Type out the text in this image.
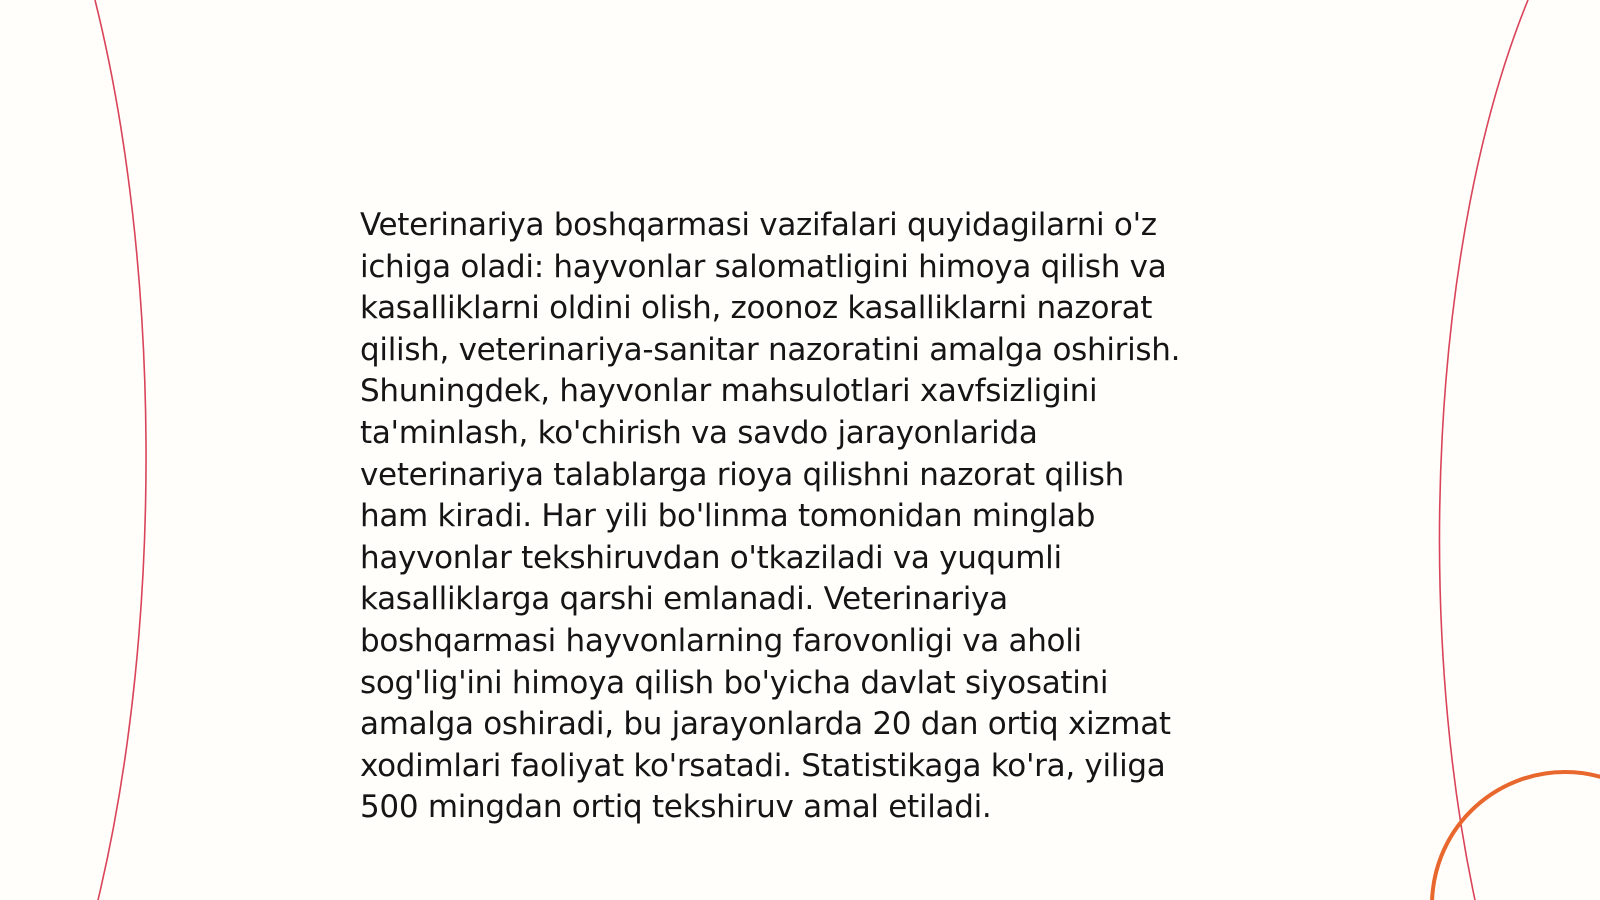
Veterinariya boshqarmasi vazifalari quyidagilarni o'z
ichiga oladi: hayvonlar salomatligini himoya qilish va
kasalliklarni oldini olish, zoonoz kasalliklarni nazorat
qilish, veterinariya-sanitar nazoratini amalga oshirish.
Shuningdek, hayvonlar mahsulotlari xavfsizligini
ta'minlash, ko'chirish va savdo jarayonlarida
veterinariya talablarga rioya qilishni nazorat qilish
ham kiradi. Har yili bo'linma tomonidan minglab
hayvonlar tekshiruvdan o'tkaziladi va yuqumli
kasalliklarga qarshi emlanadi. Veterinariya
boshqarmasi hayvonlarning farovonligi va aholi
sog'lig'ini himoya qilish bo'yicha davlat siyosatini
amalga oshiradi, bu jarayonlarda 20 dan ortiq xizmat
xodimlari faoliyat ko'rsatadi. Statistikaga ko'ra, yiliga
500 mingdan ortiq tekshiruv amal etiladi.
